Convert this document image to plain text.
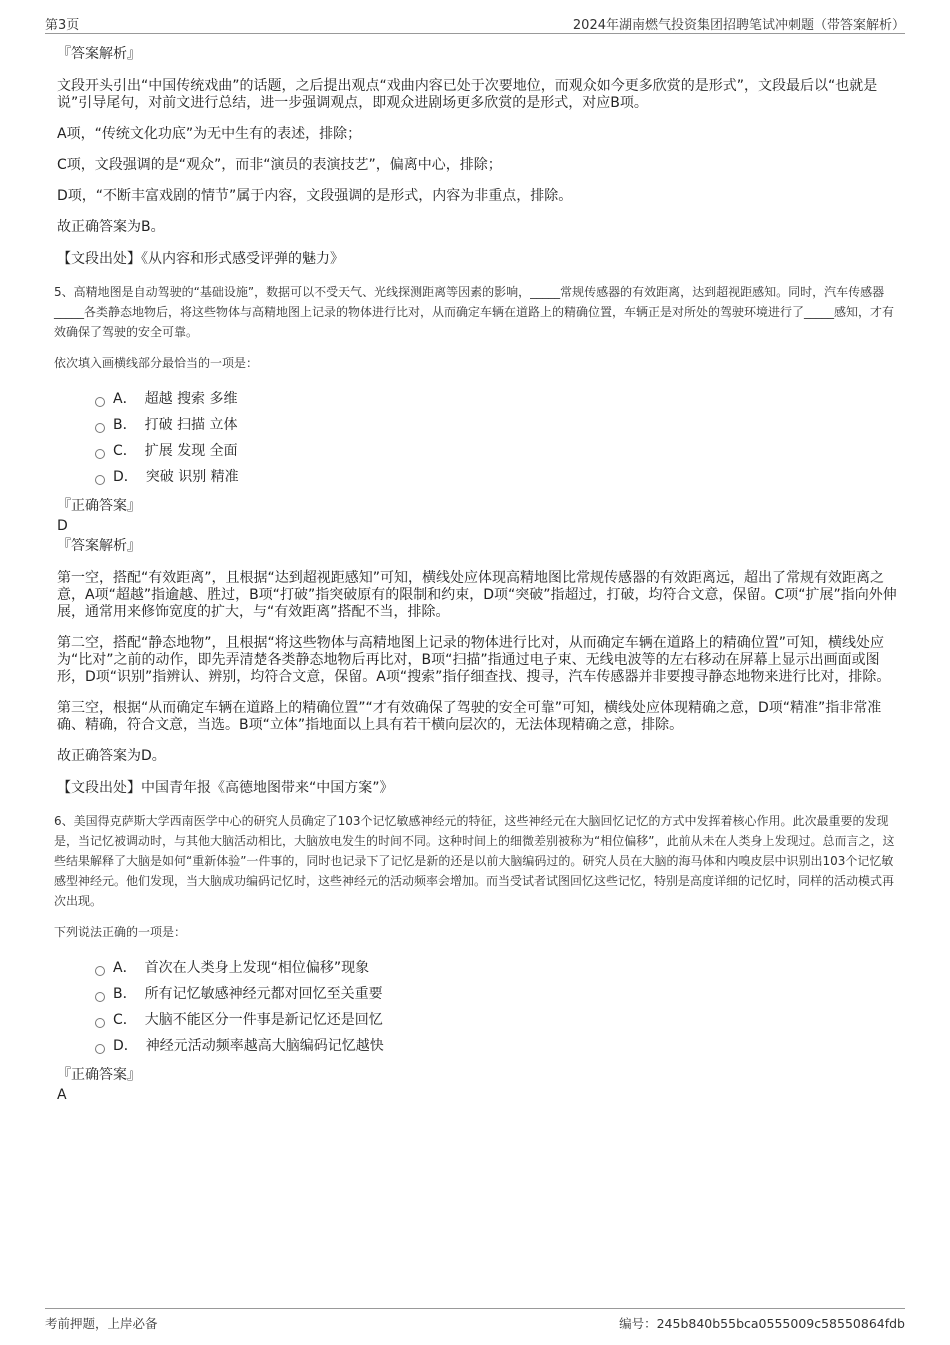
第3页	2024年湖南燃气投资集团招聘笔试冲刺题（带答案解析）

『答案解析』

文段开头引出“中国传统戏曲”的话题，之后提出观点“戏曲内容已处于次要地位，而观众如今更多欣赏的是形式”，文段最后以“也就是说”引导尾句，对前文进行总结，进一步强调观点，即观众进剧场更多欣赏的是形式，对应B项。

A项，“传统文化功底”为无中生有的表述，排除；

C项，文段强调的是“观众”，而非“演员的表演技艺”，偏离中心，排除；

D项，“不断丰富戏剧的情节”属于内容，文段强调的是形式，内容为非重点，排除。

故正确答案为B。

【文段出处】《从内容和形式感受评弹的魅力》

5、高精地图是自动驾驶的“基础设施”，数据可以不受天气、光线探测距离等因素的影响，_____常规传感器的有效距离，达到超视距感知。同时，汽车传感器_____各类静态地物后，将这些物体与高精地图上记录的物体进行比对，从而确定车辆在道路上的精确位置，车辆正是对所处的驾驶环境进行了_____感知，才有效确保了驾驶的安全可靠。

依次填入画横线部分最恰当的一项是：

A． 超越 搜索 多维
B． 打破 扫描 立体
C． 扩展 发现 全面
D． 突破 识别 精准

『正确答案』

D

『答案解析』

第一空，搭配“有效距离”，且根据“达到超视距感知”可知，横线处应体现高精地图比常规传感器的有效距离远，超出了常规有效距离之意，A项“超越”指逾越、胜过，B项“打破”指突破原有的限制和约束，D项“突破”指超过，打破，均符合文意，保留。C项“扩展”指向外伸展，通常用来修饰宽度的扩大，与“有效距离”搭配不当，排除。

第二空，搭配“静态地物”，且根据“将这些物体与高精地图上记录的物体进行比对，从而确定车辆在道路上的精确位置”可知，横线处应为“比对”之前的动作，即先弄清楚各类静态地物后再比对，B项“扫描”指通过电子束、无线电波等的左右移动在屏幕上显示出画面或图形，D项“识别”指辨认、辨别，均符合文意，保留。A项“搜索”指仔细查找、搜寻，汽车传感器并非要搜寻静态地物来进行比对，排除。

第三空，根据“从而确定车辆在道路上的精确位置”“才有效确保了驾驶的安全可靠”可知，横线处应体现精确之意，D项“精准”指非常准确、精确，符合文意，当选。B项“立体”指地面以上具有若干横向层次的，无法体现精确之意，排除。

故正确答案为D。

【文段出处】中国青年报《高德地图带来“中国方案”》

6、美国得克萨斯大学西南医学中心的研究人员确定了103个记忆敏感神经元的特征，这些神经元在大脑回忆记忆的方式中发挥着核心作用。此次最重要的发现是，当记忆被调动时，与其他大脑活动相比，大脑放电发生的时间不同。这种时间上的细微差别被称为“相位偏移”，此前从未在人类身上发现过。总而言之，这些结果解释了大脑是如何“重新体验”一件事的，同时也记录下了记忆是新的还是以前大脑编码过的。研究人员在大脑的海马体和内嗅皮层中识别出103个记忆敏感型神经元。他们发现，当大脑成功编码记忆时，这些神经元的活动频率会增加。而当受试者试图回忆这些记忆，特别是高度详细的记忆时，同样的活动模式再次出现。

下列说法正确的一项是：

A． 首次在人类身上发现“相位偏移”现象
B． 所有记忆敏感神经元都对回忆至关重要
C． 大脑不能区分一件事是新记忆还是回忆
D． 神经元活动频率越高大脑编码记忆越快

『正确答案』

A

考前押题，上岸必备	编号：245b840b55bca0555009c58550864fdb
